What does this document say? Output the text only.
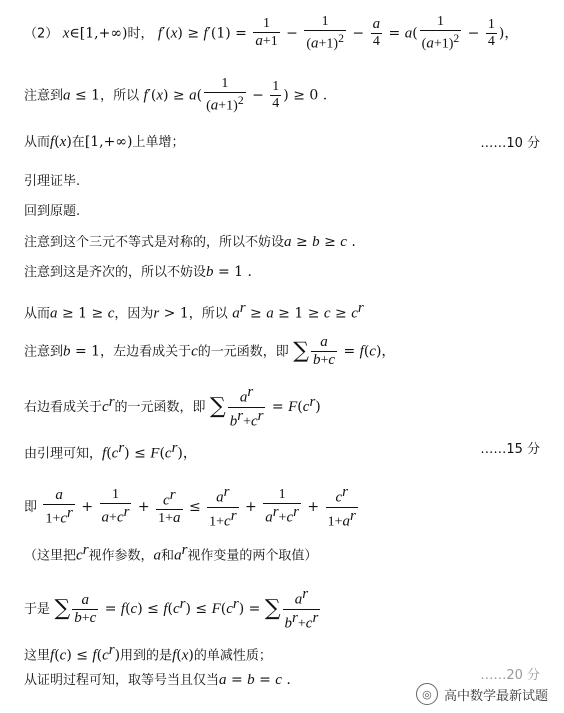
（2） x∈[1,+∞)时， $f'(x) \ge f'(1) = \frac{1}{a+1} - \frac{1}{(a+1)^2} - \frac{a}{4} = a( \frac{1}{(a+1)^2} - \frac{1}{4}$ )，
注意到a ≤ 1，所以 $f'(x) \ge a( \frac{1}{(a+1)^2} - \frac{1}{4}$ ) ≥ 0 .
从而f(x)在[1,+∞)上单增；	……10 分
引理证毕.
回到原题.
注意到这个三元不等式是对称的，所以不妨设a ≥ b ≥ c .
注意到这是齐次的，所以不妨设b = 1 .
从而a ≥ 1 ≥ c，因为r > 1，所以 $a^r \ge a \ge 1 \ge c \ge c^r$
注意到b = 1，左边看成关于c的一元函数，即 ∑ $\frac{a}{b+c} = f(c)$，
右边看成关于$c^r$的一元函数，即 ∑ $\frac{a^r}{b^r+c^r} = F(c^r)$
由引理可知，$f(c^r) \le F(c^r)$，	……15 分
即 $\frac{a}{1+c^r} + \frac{1}{a+c^r} + \frac{c^r}{1+a} \le \frac{a^r}{1+c^r} + \frac{1}{a^r+c^r} + \frac{c^r}{1+a^r}$
（这里把$c^r$视作参数，a和$a^r$视作变量的两个取值）
于是 ∑ $\frac{a}{b+c} = f(c) \le f(c^r) \le F(c^r)$ = ∑ $\frac{a^r}{b^r+c^r}$
这里$f(c) \le f(c^r)$用到的是f(x)的单减性质；
从证明过程可知，取等号当且仅当a = b = c .	……20 分
◎ 高中数学最新试题
